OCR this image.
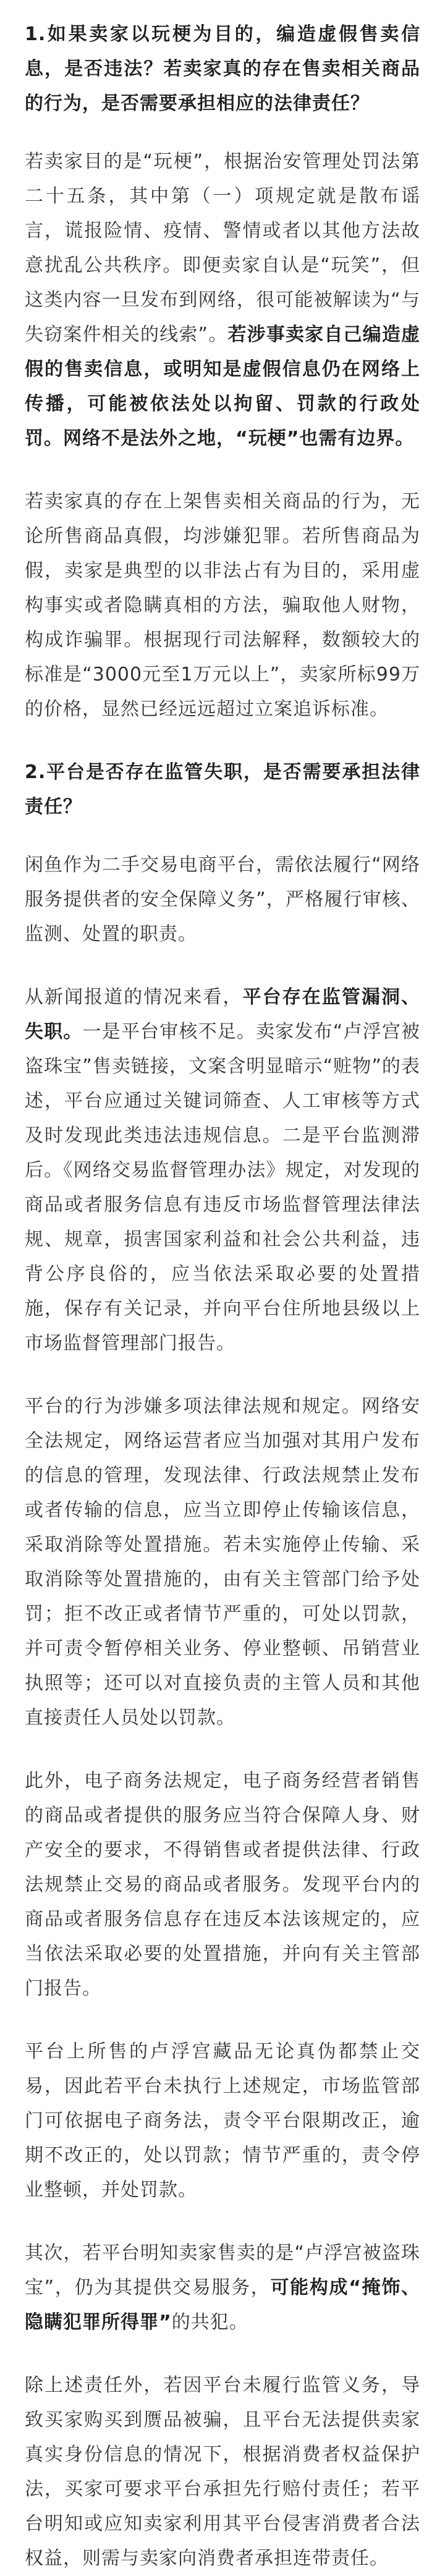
1.如果卖家以玩梗为目的，编造虚假售卖信息，是否违法？若卖家真的存在售卖相关商品的行为，是否需要承担相应的法律责任？
若卖家目的是“玩梗”，根据治安管理处罚法第二十五条，其中第（一）项规定就是散布谣言，谎报险情、疫情、警情或者以其他方法故意扰乱公共秩序。即便卖家自认是“玩笑”，但这类内容一旦发布到网络，很可能被解读为“与失窃案件相关的线索”。若涉事卖家自己编造虚假的售卖信息，或明知是虚假信息仍在网络上传播，可能被依法处以拘留、罚款的行政处罚。网络不是法外之地，“玩梗”也需有边界。
若卖家真的存在上架售卖相关商品的行为，无论所售商品真假，均涉嫌犯罪。若所售商品为假，卖家是典型的以非法占有为目的，采用虚构事实或者隐瞒真相的方法，骗取他人财物，构成诈骗罪。根据现行司法解释，数额较大的标准是“3000元至1万元以上”，卖家所标99万的价格，显然已经远远超过立案追诉标准。
2.平台是否存在监管失职，是否需要承担法律责任？
闲鱼作为二手交易电商平台，需依法履行“网络服务提供者的安全保障义务”，严格履行审核、监测、处置的职责。
从新闻报道的情况来看，平台存在监管漏洞、失职。一是平台审核不足。卖家发布“卢浮宫被盗珠宝”售卖链接，文案含明显暗示“赃物”的表述，平台应通过关键词筛查、人工审核等方式及时发现此类违法违规信息。二是平台监测滞后。《网络交易监督管理办法》规定，对发现的商品或者服务信息有违反市场监督管理法律法规、规章，损害国家利益和社会公共利益，违背公序良俗的，应当依法采取必要的处置措施，保存有关记录，并向平台住所地县级以上市场监督管理部门报告。
平台的行为涉嫌多项法律法规和规定。网络安全法规定，网络运营者应当加强对其用户发布的信息的管理，发现法律、行政法规禁止发布或者传输的信息，应当立即停止传输该信息，采取消除等处置措施。若未实施停止传输、采取消除等处置措施的，由有关主管部门给予处罚；拒不改正或者情节严重的，可处以罚款，并可责令暂停相关业务、停业整顿、吊销营业执照等；还可以对直接负责的主管人员和其他直接责任人员处以罚款。
此外，电子商务法规定，电子商务经营者销售的商品或者提供的服务应当符合保障人身、财产安全的要求，不得销售或者提供法律、行政法规禁止交易的商品或者服务。发现平台内的商品或者服务信息存在违反本法该规定的，应当依法采取必要的处置措施，并向有关主管部门报告。
平台上所售的卢浮宫藏品无论真伪都禁止交易，因此若平台未执行上述规定，市场监管部门可依据电子商务法，责令平台限期改正，逾期不改正的，处以罚款；情节严重的，责令停业整顿，并处罚款。
其次，若平台明知卖家售卖的是“卢浮宫被盗珠宝”，仍为其提供交易服务，可能构成“掩饰、隐瞒犯罪所得罪”的共犯。
除上述责任外，若因平台未履行监管义务，导致买家购买到赝品被骗，且平台无法提供卖家真实身份信息的情况下，根据消费者权益保护法，买家可要求平台承担先行赔付责任；若平台明知或应知卖家利用其平台侵害消费者合法权益，则需与卖家向消费者承担连带责任。
